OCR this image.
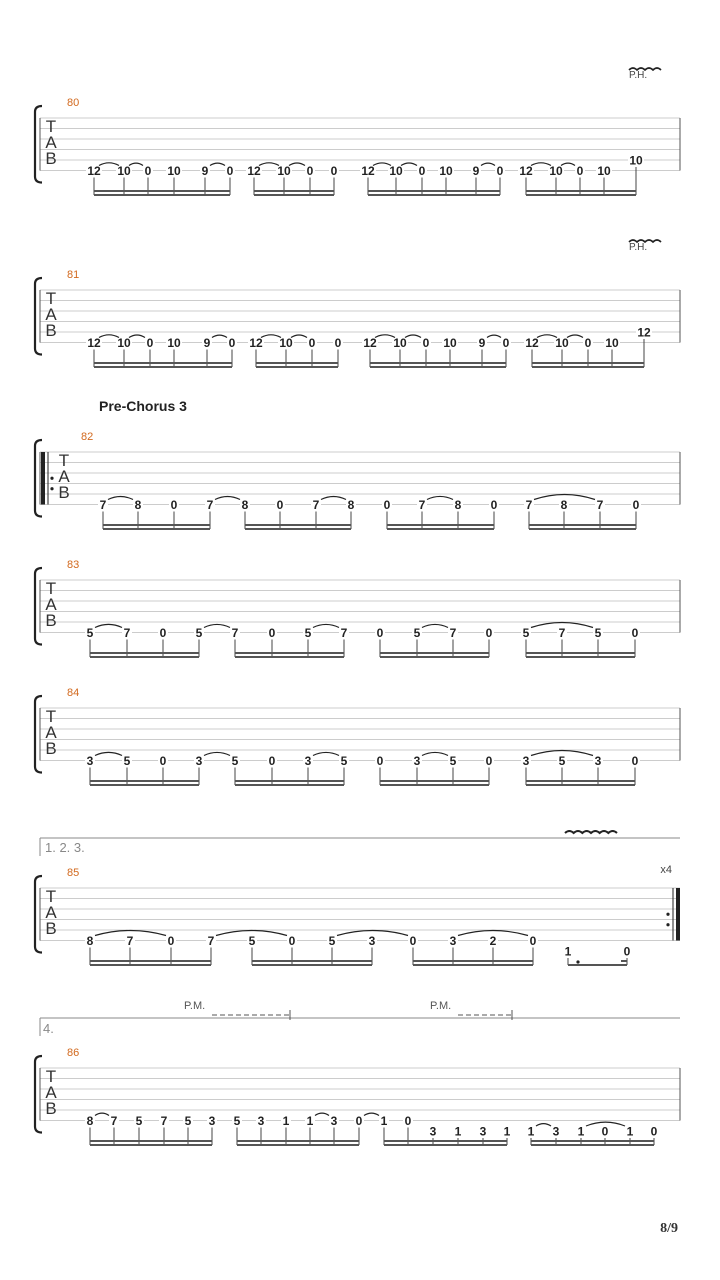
T
A
B
80
P.H.
12 10 0 10 9 0 12 10 0 0 12 10 0 10 9 0 12 10 0 10
10
T
A
B
81
P.H.
12 10 0 10 9 0 12 10 0 0 12 10 0 10 9 0 12 10 0 10
12
T
A
B
82
Pre-Chorus 3
7 8 0 7 8 0 7 8 0 7 8 0 7 8 7 0
T
A
B
83
5	7 0 5 7	0 5 7 0	5 7 0	5 7 5	0
T
A
B
84
3	5 0 3 5	0 3 5 0	3 5 0	3 5 3	0
T
A
B
85
1. 2. 3.
x4
8	7	0	7	5	0	5	3	0	3	2	0
1	0
T
A
B
86
4.
P.M.	P.M.
8 7 5 7 5 3 5 3 1 1 3 0 1 0
3 1 3 1 1 3 1 0 1 0
8/9
